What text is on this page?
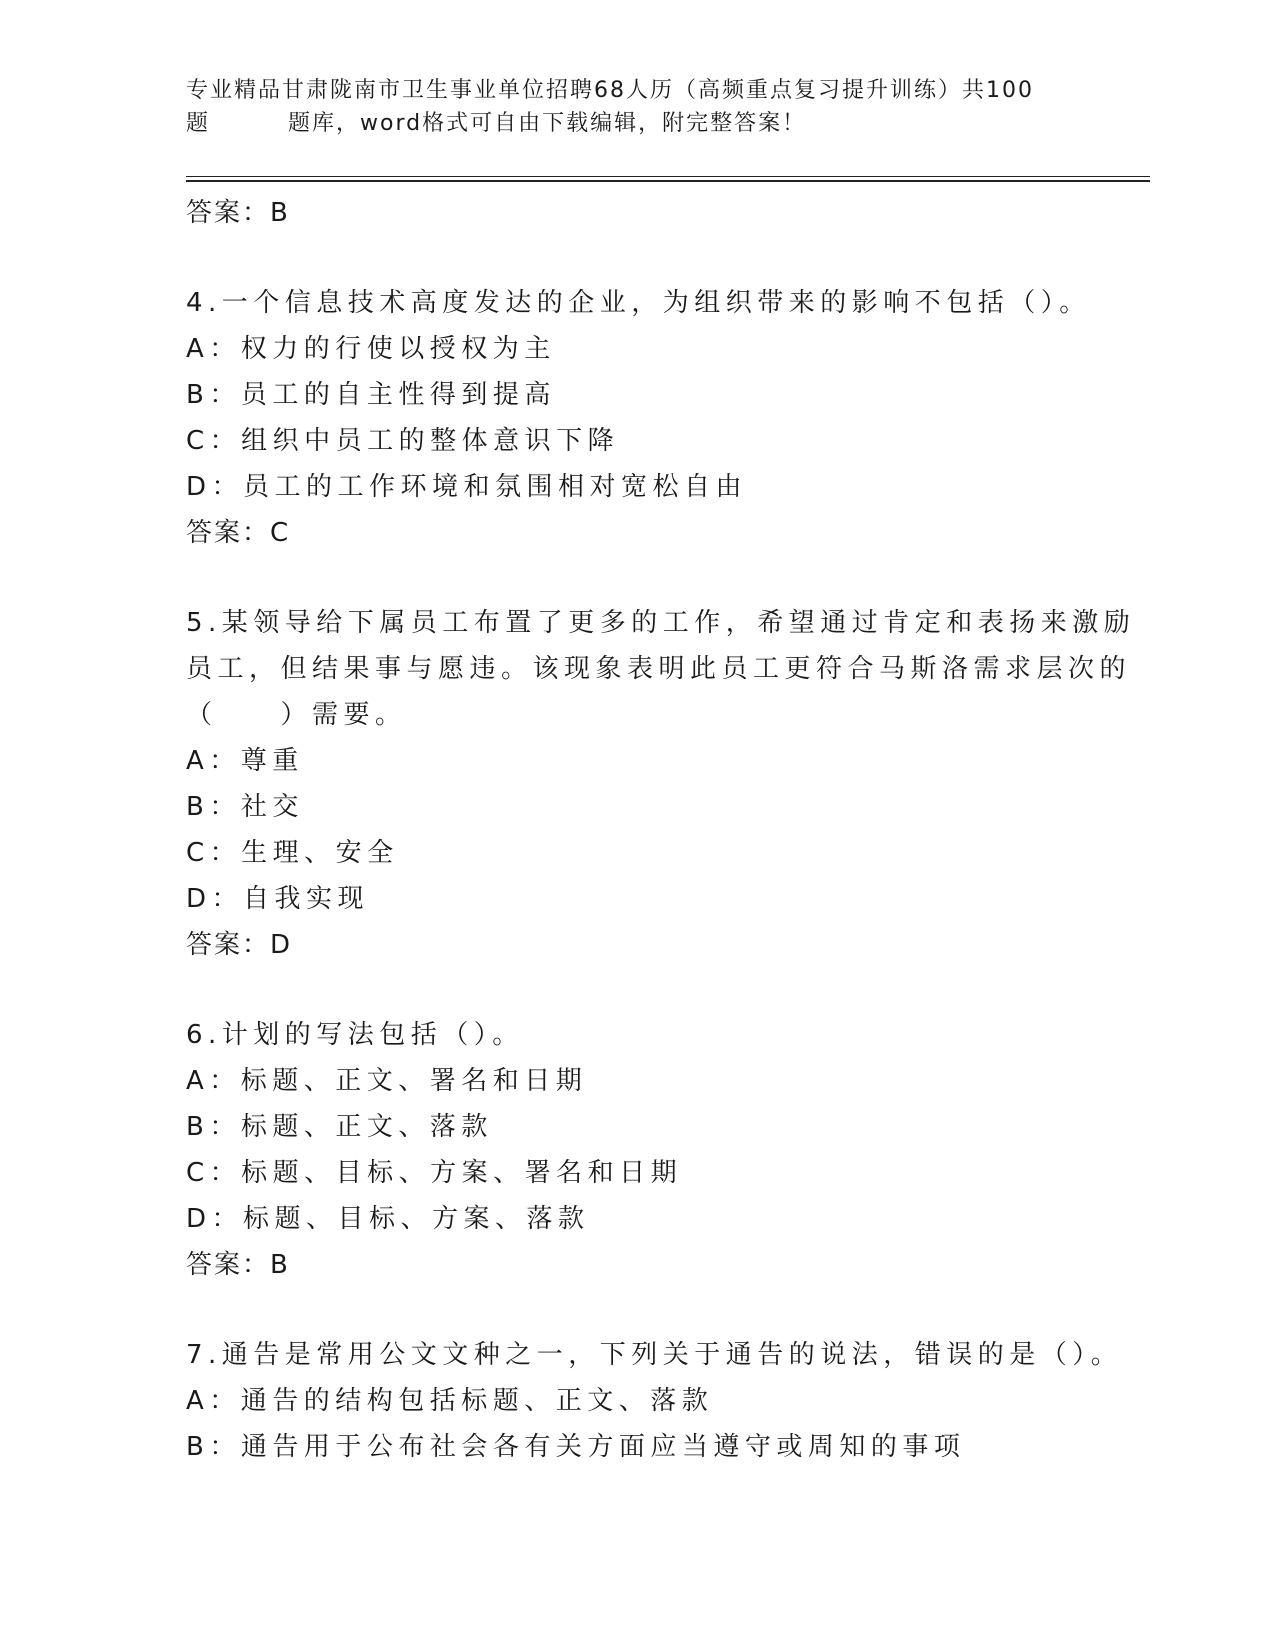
专业精品甘肃陇南市卫生事业单位招聘68人历（高频重点复习提升训练）共100
题	题库，word格式可自由下载编辑，附完整答案！
答案：B
4.一个信息技术高度发达的企业，为组织带来的影响不包括（）。
A：权力的行使以授权为主
B：员工的自主性得到提高
C：组织中员工的整体意识下降
D：员工的工作环境和氛围相对宽松自由
答案：C
5.某领导给下属员工布置了更多的工作，希望通过肯定和表扬来激励
员工，但结果事与愿违。该现象表明此员工更符合马斯洛需求层次的
（　　）需要。
A：尊重
B：社交
C：生理、安全
D：自我实现
答案：D
6.计划的写法包括（）。
A：标题、正文、署名和日期
B：标题、正文、落款
C：标题、目标、方案、署名和日期
D：标题、目标、方案、落款
答案：B
7.通告是常用公文文种之一，下列关于通告的说法，错误的是（）。
A：通告的结构包括标题、正文、落款
B：通告用于公布社会各有关方面应当遵守或周知的事项
